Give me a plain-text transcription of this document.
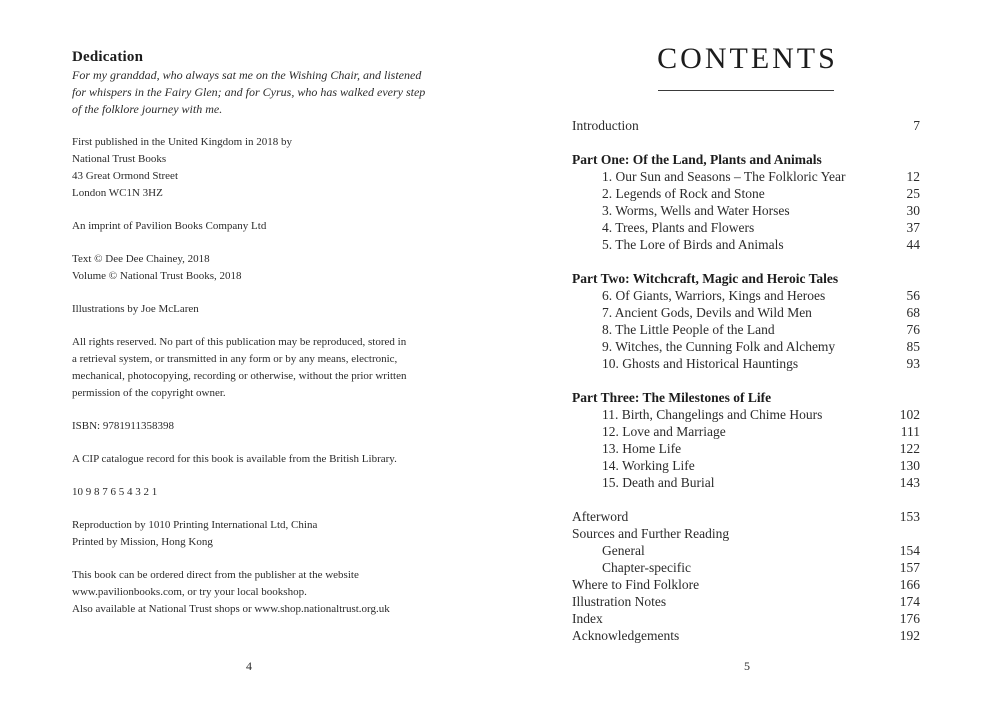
Dedication
For my granddad, who always sat me on the Wishing Chair, and listened
for whispers in the Fairy Glen; and for Cyrus, who has walked every step
of the folklore journey with me.
First published in the United Kingdom in 2018 by
National Trust Books
43 Great Ormond Street
London WC1N 3HZ
An imprint of Pavilion Books Company Ltd
Text © Dee Dee Chainey, 2018
Volume © National Trust Books, 2018
Illustrations by Joe McLaren
All rights reserved. No part of this publication may be reproduced, stored in
a retrieval system, or transmitted in any form or by any means, electronic,
mechanical, photocopying, recording or otherwise, without the prior written
permission of the copyright owner.
ISBN: 9781911358398
A CIP catalogue record for this book is available from the British Library.
10 9 8 7 6 5 4 3 2 1
Reproduction by 1010 Printing International Ltd, China
Printed by Mission, Hong Kong
This book can be ordered direct from the publisher at the website
www.pavilionbooks.com, or try your local bookshop.
Also available at National Trust shops or www.shop.nationaltrust.org.uk
4
CONTENTS
Introduction	7
Part One: Of the Land, Plants and Animals
1. Our Sun and Seasons – The Folkloric Year	12
2. Legends of Rock and Stone	25
3. Worms, Wells and Water Horses	30
4. Trees, Plants and Flowers	37
5. The Lore of Birds and Animals	44
Part Two: Witchcraft, Magic and Heroic Tales
6. Of Giants, Warriors, Kings and Heroes	56
7. Ancient Gods, Devils and Wild Men	68
8. The Little People of the Land	76
9. Witches, the Cunning Folk and Alchemy	85
10. Ghosts and Historical Hauntings	93
Part Three: The Milestones of Life
11. Birth, Changelings and Chime Hours	102
12. Love and Marriage	111
13. Home Life	122
14. Working Life	130
15. Death and Burial	143
Afterword	153
Sources and Further Reading
General	154
Chapter-specific	157
Where to Find Folklore	166
Illustration Notes	174
Index	176
Acknowledgements	192
5
